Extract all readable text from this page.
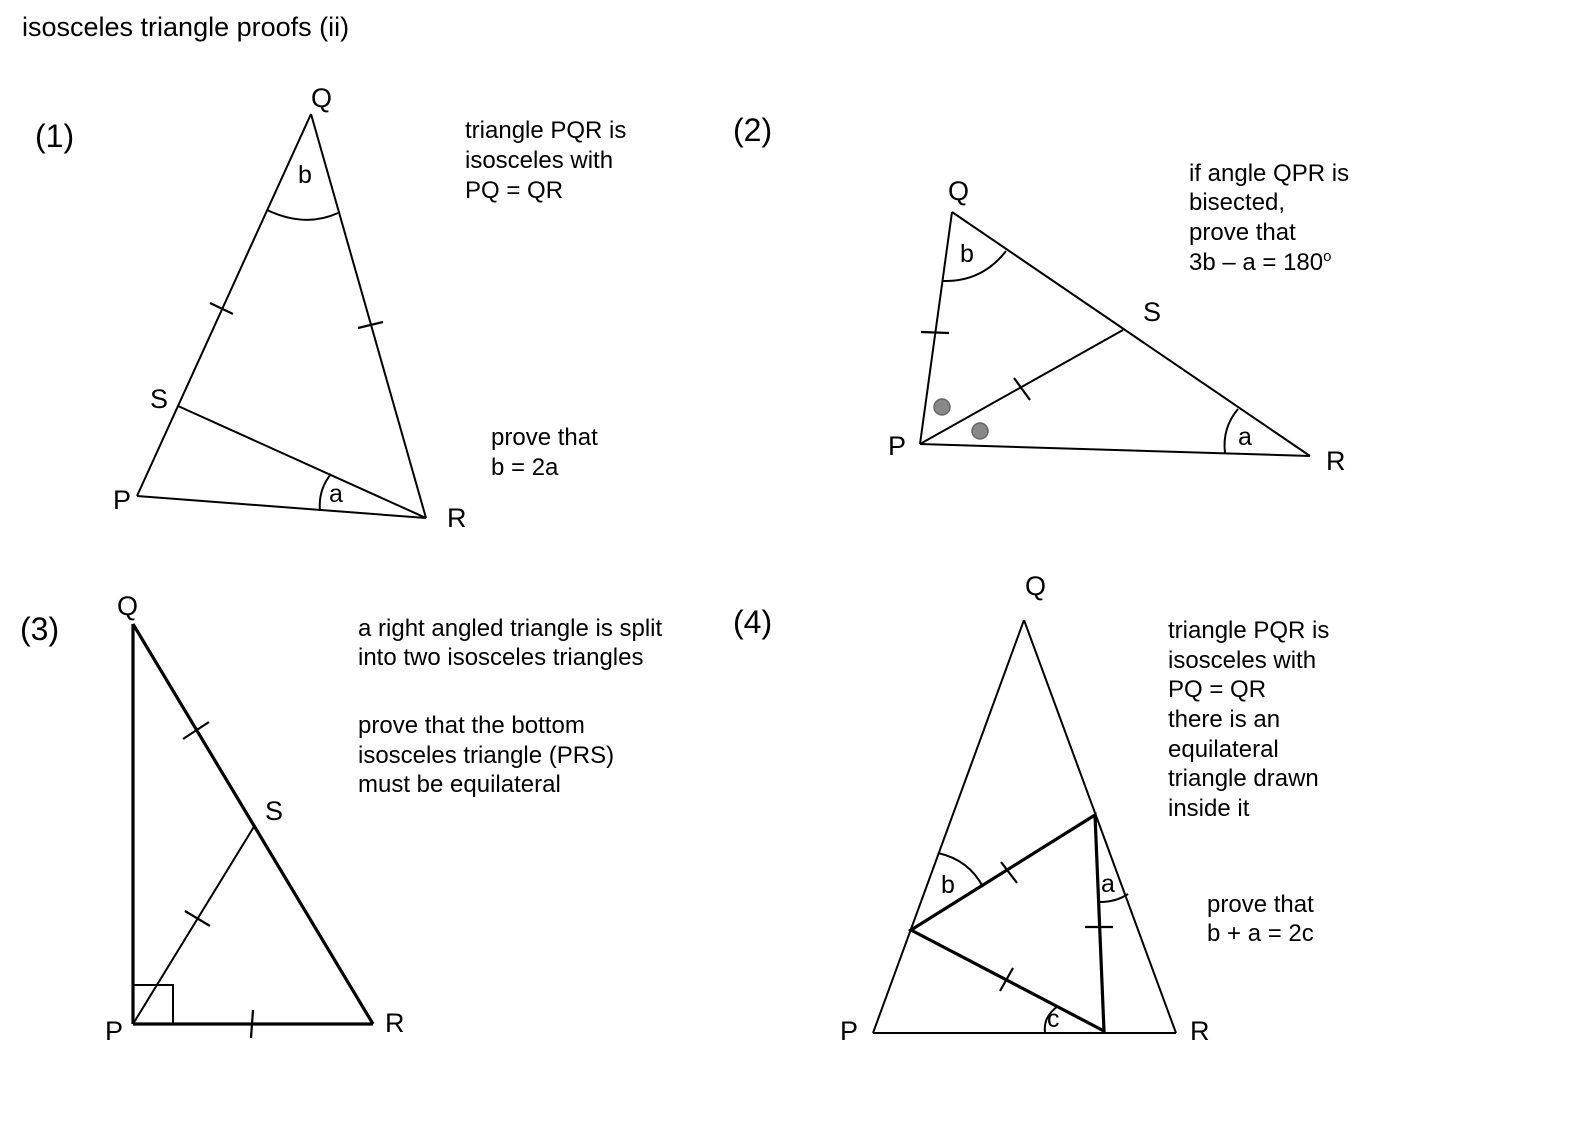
isosceles triangle proofs (ii)
(1)
Q
S
P
R
b
a
triangle PQR is
isosceles with
PQ = QR
prove that
b = 2a
(2)
Q
S
P	R
b
a
if angle QPR is
bisected,
prove that
$3b - a = 180^o$
(3)
Q
S
P	R
a right angled triangle is split
into two isosceles triangles
prove that the bottom
isosceles triangle (PRS)
must be equilateral
(4)
Q
P	R
b	a
c
triangle PQR is
isosceles with
PQ = QR
there is an
equilateral
triangle drawn
inside it
prove that
b + a = 2c
